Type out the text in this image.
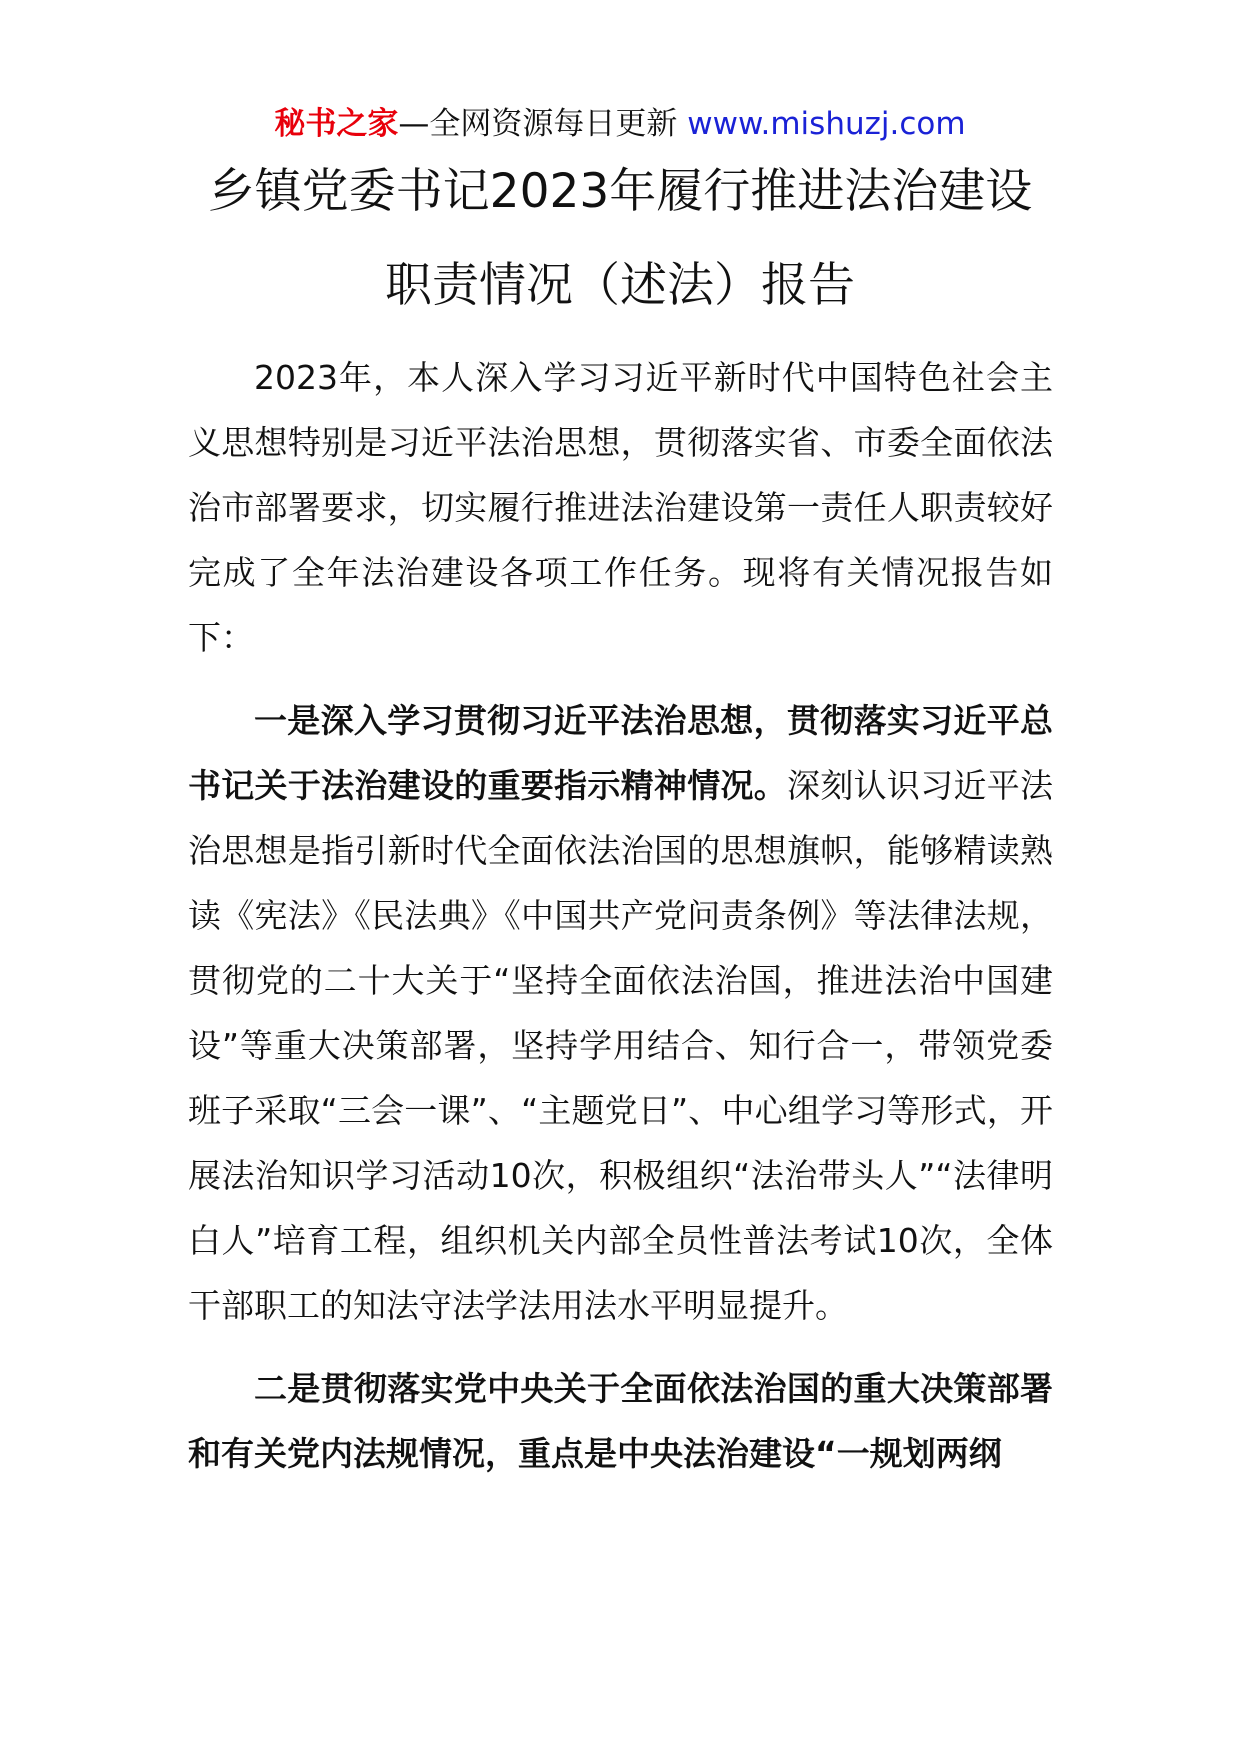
秘书之家—全网资源每日更新 www.mishuzj.com
乡镇党委书记2023年履行推进法治建设
职责情况（述法）报告

2023年，本人深入学习习近平新时代中国特色社会主义思想特别是习近平法治思想，贯彻落实省、市委全面依法治市部署要求，切实履行推进法治建设第一责任人职责较好完成了全年法治建设各项工作任务。现将有关情况报告如下：

一是深入学习贯彻习近平法治思想，贯彻落实习近平总书记关于法治建设的重要指示精神情况。深刻认识习近平法治思想是指引新时代全面依法治国的思想旗帜，能够精读熟读《宪法》《民法典》《中国共产党问责条例》等法律法规，贯彻党的二十大关于“坚持全面依法治国，推进法治中国建设”等重大决策部署，坚持学用结合、知行合一，带领党委班子采取“三会一课”、“主题党日”、中心组学习等形式，开展法治知识学习活动10次，积极组织“法治带头人”“法律明白人”培育工程，组织机关内部全员性普法考试10次，全体干部职工的知法守法学法用法水平明显提升。

二是贯彻落实党中央关于全面依法治国的重大决策部署和有关党内法规情况，重点是中央法治建设“一规划两纲
